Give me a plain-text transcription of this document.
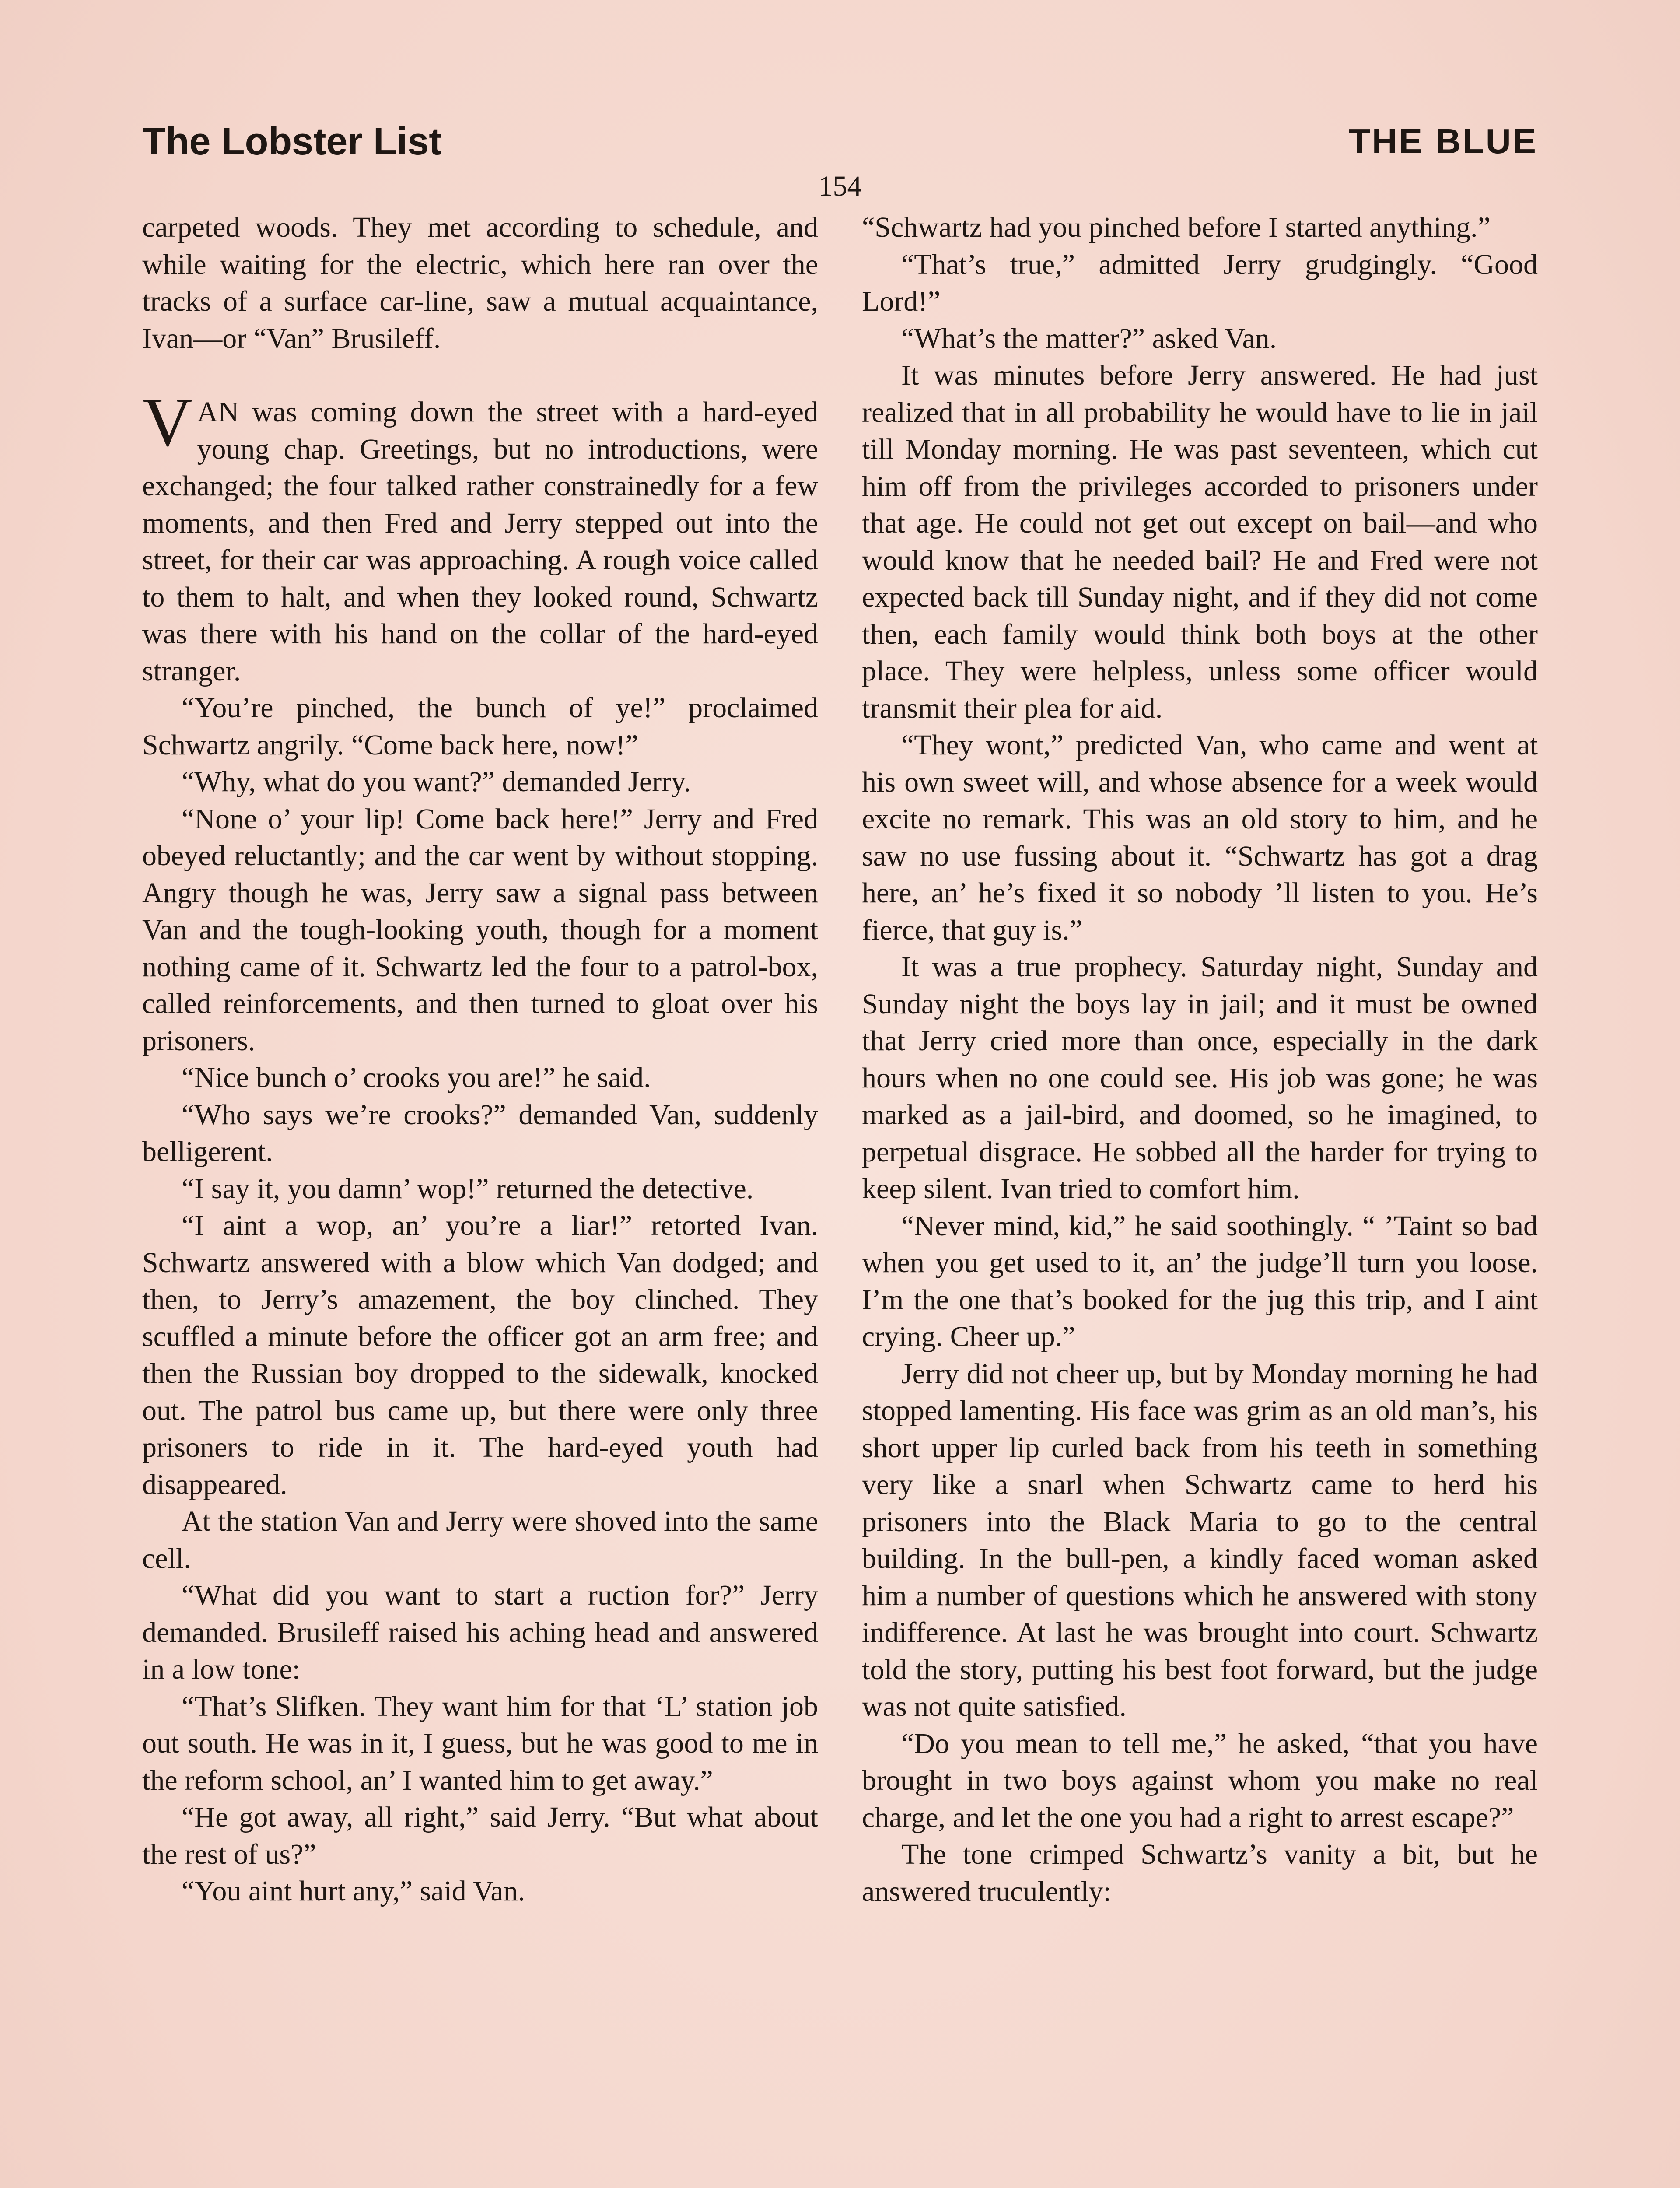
The Lobster List	THE BLUE
154

carpeted woods. They met according to schedule, and while waiting for the electric, which here ran over the tracks of a surface car-line, saw a mutual acquaintance, Ivan—or “Van” Brusileff.

VAN was coming down the street with a hard-eyed young chap. Greetings, but no introductions, were exchanged; the four talked rather constrainedly for a few moments, and then Fred and Jerry stepped out into the street, for their car was approaching. A rough voice called to them to halt, and when they looked round, Schwartz was there with his hand on the collar of the hard-eyed stranger.

“You’re pinched, the bunch of ye!” proclaimed Schwartz angrily. “Come back here, now!”

“Why, what do you want?” demanded Jerry.

“None o’ your lip! Come back here!” Jerry and Fred obeyed reluctantly; and the car went by without stopping. Angry though he was, Jerry saw a signal pass between Van and the tough-looking youth, though for a moment nothing came of it. Schwartz led the four to a patrol-box, called reinforcements, and then turned to gloat over his prisoners.

“Nice bunch o’ crooks you are!” he said.

“Who says we’re crooks?” demanded Van, suddenly belligerent.

“I say it, you damn’ wop!” returned the detective.

“I aint a wop, an’ you’re a liar!” retorted Ivan. Schwartz answered with a blow which Van dodged; and then, to Jerry’s amazement, the boy clinched. They scuffled a minute before the officer got an arm free; and then the Russian boy dropped to the sidewalk, knocked out. The patrol bus came up, but there were only three prisoners to ride in it. The hard-eyed youth had disappeared.

At the station Van and Jerry were shoved into the same cell.

“What did you want to start a ruction for?” Jerry demanded. Brusileff raised his aching head and answered in a low tone:

“That’s Slifken. They want him for that ‘L’ station job out south. He was in it, I guess, but he was good to me in the reform school, an’ I wanted him to get away.”

“He got away, all right,” said Jerry. “But what about the rest of us?”

“You aint hurt any,” said Van.

“Schwartz had you pinched before I started anything.”

“That’s true,” admitted Jerry grudgingly. “Good Lord!”

“What’s the matter?” asked Van.

It was minutes before Jerry answered. He had just realized that in all probability he would have to lie in jail till Monday morning. He was past seventeen, which cut him off from the privileges accorded to prisoners under that age. He could not get out except on bail—and who would know that he needed bail? He and Fred were not expected back till Sunday night, and if they did not come then, each family would think both boys at the other place. They were helpless, unless some officer would transmit their plea for aid.

“They wont,” predicted Van, who came and went at his own sweet will, and whose absence for a week would excite no remark. This was an old story to him, and he saw no use fussing about it. “Schwartz has got a drag here, an’ he’s fixed it so nobody ’ll listen to you. He’s fierce, that guy is.”

It was a true prophecy. Saturday night, Sunday and Sunday night the boys lay in jail; and it must be owned that Jerry cried more than once, especially in the dark hours when no one could see. His job was gone; he was marked as a jail-bird, and doomed, so he imagined, to perpetual disgrace. He sobbed all the harder for trying to keep silent. Ivan tried to comfort him.

“Never mind, kid,” he said soothingly. “ ’Taint so bad when you get used to it, an’ the judge’ll turn you loose. I’m the one that’s booked for the jug this trip, and I aint crying. Cheer up.”

Jerry did not cheer up, but by Monday morning he had stopped lamenting. His face was grim as an old man’s, his short upper lip curled back from his teeth in something very like a snarl when Schwartz came to herd his prisoners into the Black Maria to go to the central building. In the bull-pen, a kindly faced woman asked him a number of questions which he answered with stony indifference. At last he was brought into court. Schwartz told the story, putting his best foot forward, but the judge was not quite satisfied.

“Do you mean to tell me,” he asked, “that you have brought in two boys against whom you make no real charge, and let the one you had a right to arrest escape?”

The tone crimped Schwartz’s vanity a bit, but he answered truculently:
